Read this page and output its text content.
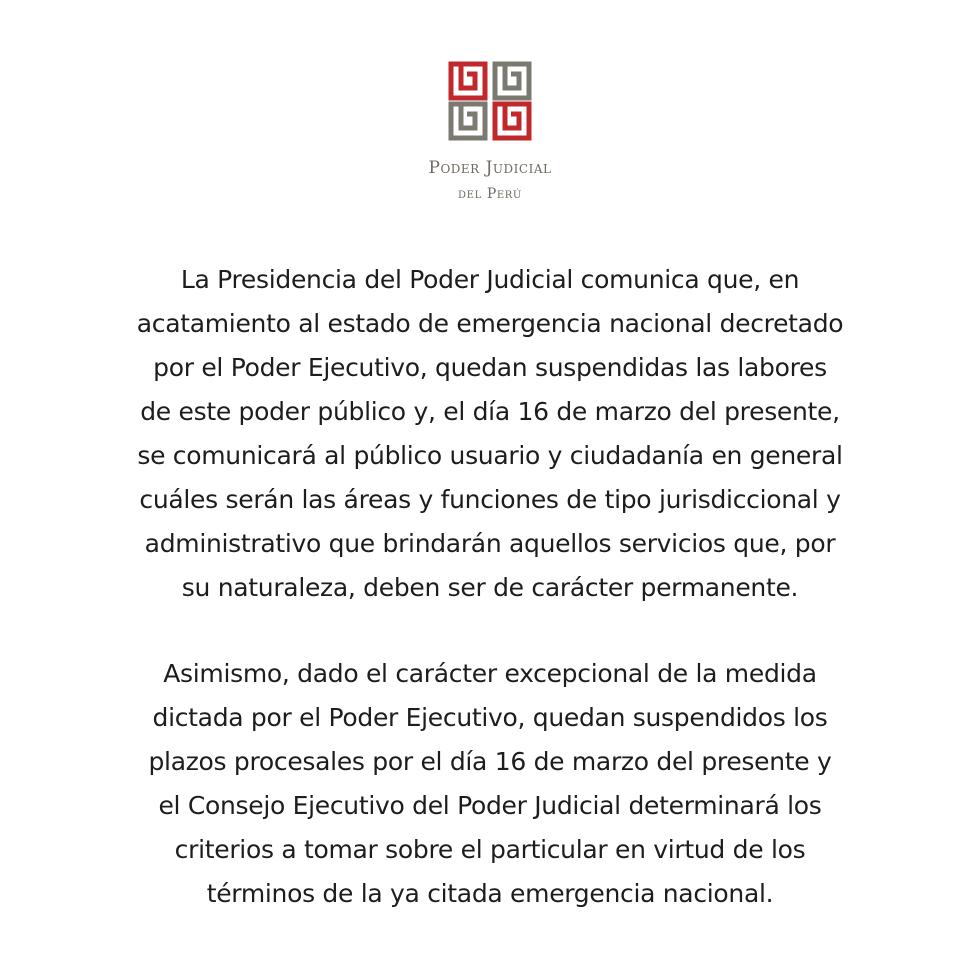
Poder Judicial
del Perú
La Presidencia del Poder Judicial comunica que, en
acatamiento al estado de emergencia nacional decretado
por el Poder Ejecutivo, quedan suspendidas las labores
de este poder público y, el día 16 de marzo del presente,
se comunicará al público usuario y ciudadanía en general
cuáles serán las áreas y funciones de tipo jurisdiccional y
administrativo que brindarán aquellos servicios que, por
su naturaleza, deben ser de carácter permanente.
Asimismo, dado el carácter excepcional de la medida
dictada por el Poder Ejecutivo, quedan suspendidos los
plazos procesales por el día 16 de marzo del presente y
el Consejo Ejecutivo del Poder Judicial determinará los
criterios a tomar sobre el particular en virtud de los
términos de la ya citada emergencia nacional.
